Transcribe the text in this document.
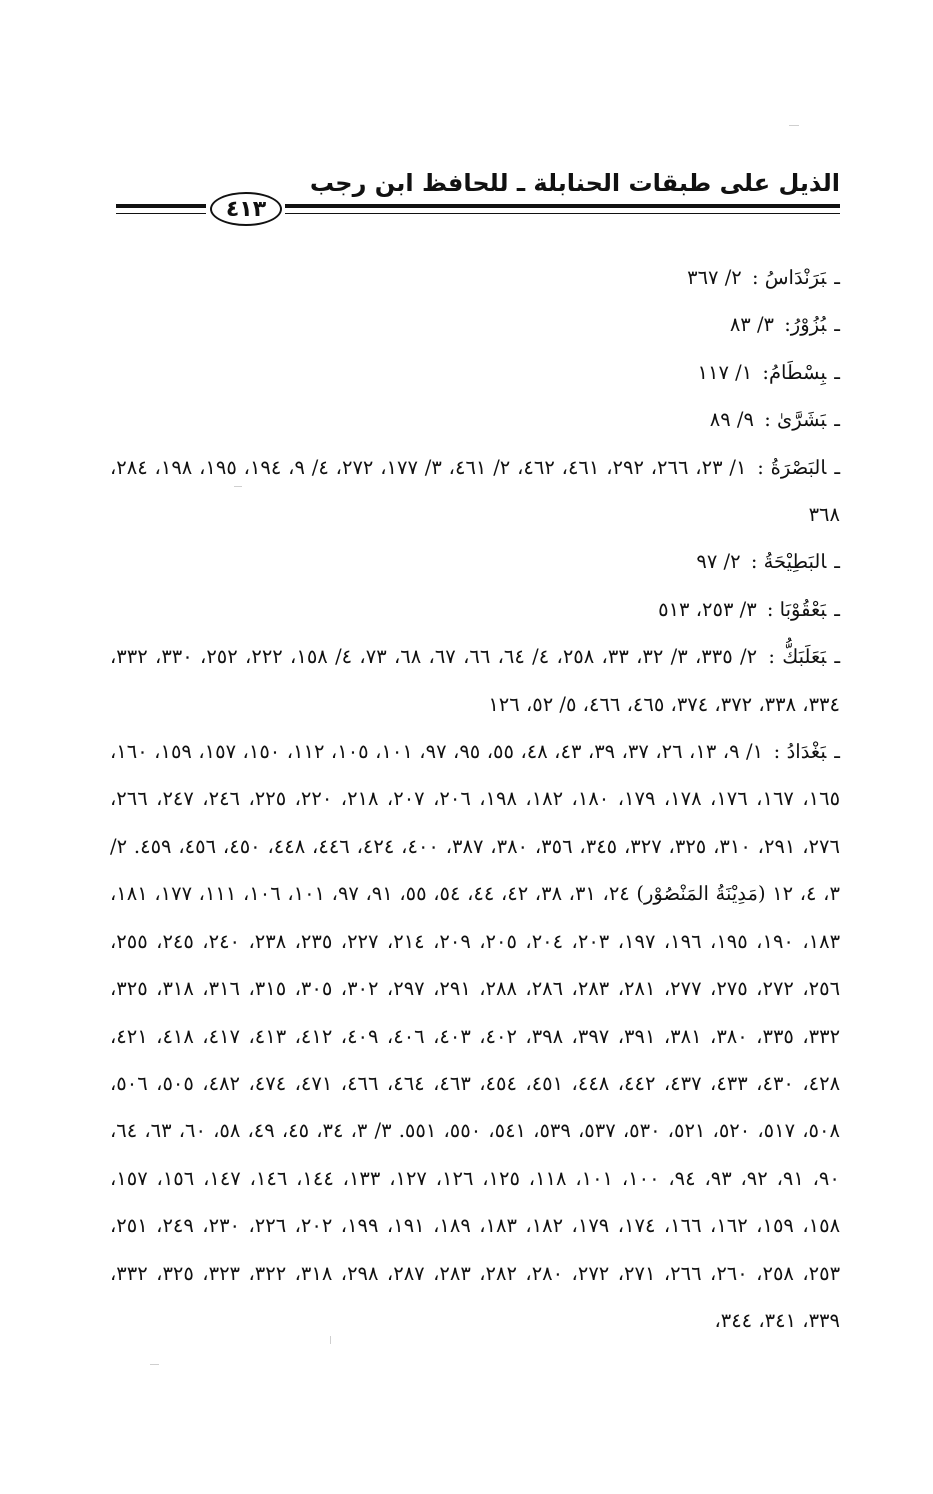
الذيل على طبقات الحنابلة ـ للحافظ ابن رجب
٤١٣

ـبَرَنْدَاسُ : ٢/ ٣٦٧

ـبُزُوْرُ: ٣/ ٨٣

ـبِسْطَامُ: ١/ ١١٧

ـبَشَرَّىٰ : ٩/ ٨٩

ـالبَصْرَةُ : ١/ ٢٣، ٢٦٦، ٢٩٢، ٤٦١، ٤٦٢، ٢/ ٤٦١، ٣/ ١٧٧، ٢٧٢، ٤/ ٩، ١٩٤، ١٩٥، ١٩٨، ٢٨٤، ٣٦٨

ـالبَطِيْحَةُ : ٢/ ٩٧

ـبَعْقُوْبَا : ٣/ ٢٥٣، ٥١٣

ـبَعَلَبَكُّ : ٢/ ٣٣٥، ٣/ ٣٢، ٣٣، ٢٥٨، ٤/ ٦٤، ٦٦، ٦٧، ٦٨، ٧٣، ٤/ ١٥٨، ٢٢٢، ٢٥٢، ٣٣٠، ٣٣٢، ٣٣٤، ٣٣٨، ٣٧٢، ٣٧٤، ٤٦٥، ٤٦٦، ٥/ ٥٢، ١٢٦

ـبَغْدَادُ : ١/ ٩، ١٣، ٢٦، ٣٧، ٣٩، ٤٣، ٤٨، ٥٥، ٩٥، ٩٧، ١٠١، ١٠٥، ١١٢، ١٥٠، ١٥٧، ١٥٩، ١٦٠، ١٦٥، ١٦٧، ١٧٦، ١٧٨، ١٧٩، ١٨٠، ١٨٢، ١٩٨، ٢٠٦، ٢٠٧، ٢١٨، ٢٢٠، ٢٢٥، ٢٤٦، ٢٤٧، ٢٦٦، ٢٧٦، ٢٩١، ٣١٠، ٣٢٥، ٣٢٧، ٣٤٥، ٣٥٦، ٣٨٠، ٣٨٧، ٤٠٠، ٤٢٤، ٤٤٦، ٤٤٨، ٤٥٠، ٤٥٦، ٤٥٩. ٢/ ٣، ٤، ١٢ (مَدِيْنَةُ المَنْصُوْر) ٢٤، ٣١، ٣٨، ٤٢، ٤٤، ٥٤، ٥٥، ٩١، ٩٧، ١٠١، ١٠٦، ١١١، ١٧٧، ١٨١، ١٨٣، ١٩٠، ١٩٥، ١٩٦، ١٩٧، ٢٠٣، ٢٠٤، ٢٠٥، ٢٠٩، ٢١٤، ٢٢٧، ٢٣٥، ٢٣٨، ٢٤٠، ٢٤٥، ٢٥٥، ٢٥٦، ٢٧٢، ٢٧٥، ٢٧٧، ٢٨١، ٢٨٣، ٢٨٦، ٢٨٨، ٢٩١، ٢٩٧، ٣٠٢، ٣٠٥، ٣١٥، ٣١٦، ٣١٨، ٣٢٥، ٣٣٢، ٣٣٥، ٣٨٠، ٣٨١، ٣٩١، ٣٩٧، ٣٩٨، ٤٠٢، ٤٠٣، ٤٠٦، ٤٠٩، ٤١٢، ٤١٣، ٤١٧، ٤١٨، ٤٢١، ٤٢٨، ٤٣٠، ٤٣٣، ٤٣٧، ٤٤٢، ٤٤٨، ٤٥١، ٤٥٤، ٤٦٣، ٤٦٤، ٤٦٦، ٤٧١، ٤٧٤، ٤٨٢، ٥٠٥، ٥٠٦، ٥٠٨، ٥١٧، ٥٢٠، ٥٢١، ٥٣٠، ٥٣٧، ٥٣٩، ٥٤١، ٥٥٠، ٥٥١. ٣/ ٣، ٣٤، ٤٥، ٤٩، ٥٨، ٦٠، ٦٣، ٦٤، ٩٠، ٩١، ٩٢، ٩٣، ٩٤، ١٠٠، ١٠١، ١١٨، ١٢٥، ١٢٦، ١٢٧، ١٣٣، ١٤٤، ١٤٦، ١٤٧، ١٥٦، ١٥٧، ١٥٨، ١٥٩، ١٦٢، ١٦٦، ١٧٤، ١٧٩، ١٨٢، ١٨٣، ١٨٩، ١٩١، ١٩٩، ٢٠٢، ٢٢٦، ٢٣٠، ٢٤٩، ٢٥١، ٢٥٣، ٢٥٨، ٢٦٠، ٢٦٦، ٢٧١، ٢٧٢، ٢٨٠، ٢٨٢، ٢٨٣، ٢٨٧، ٢٩٨، ٣١٨، ٣٢٢، ٣٢٣، ٣٢٥، ٣٣٢، ٣٣٩، ٣٤١، ٣٤٤،
